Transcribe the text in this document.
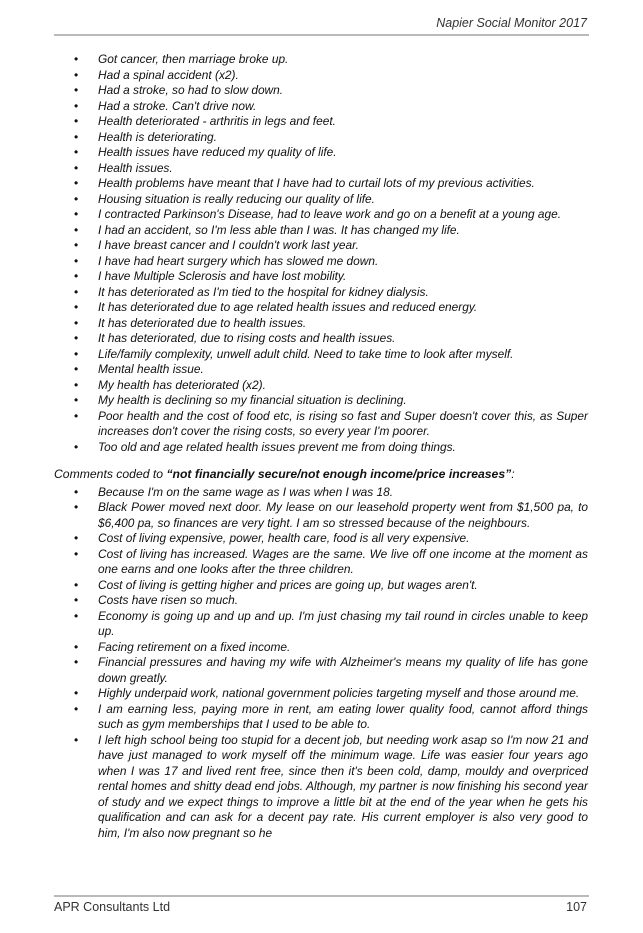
Napier Social Monitor 2017
• Got cancer, then marriage broke up.
• Had a spinal accident (x2).
• Had a stroke, so had to slow down.
• Had a stroke. Can't drive now.
• Health deteriorated - arthritis in legs and feet.
• Health is deteriorating.
• Health issues have reduced my quality of life.
• Health issues.
• Health problems have meant that I have had to curtail lots of my previous activities.
• Housing situation is really reducing our quality of life.
• I contracted Parkinson's Disease, had to leave work and go on a benefit at a young age.
• I had an accident, so I'm less able than I was. It has changed my life.
• I have breast cancer and I couldn't work last year.
• I have had heart surgery which has slowed me down.
• I have Multiple Sclerosis and have lost mobility.
• It has deteriorated as I'm tied to the hospital for kidney dialysis.
• It has deteriorated due to age related health issues and reduced energy.
• It has deteriorated due to health issues.
• It has deteriorated, due to rising costs and health issues.
• Life/family complexity, unwell adult child. Need to take time to look after myself.
• Mental health issue.
• My health has deteriorated (x2).
• My health is declining so my financial situation is declining.
• Poor health and the cost of food etc, is rising so fast and Super doesn't cover this, as Super increases don't cover the rising costs, so every year I'm poorer.
• Too old and age related health issues prevent me from doing things.
Comments coded to “not financially secure/not enough income/price increases”:
• Because I'm on the same wage as I was when I was 18.
• Black Power moved next door. My lease on our leasehold property went from $1,500 pa, to $6,400 pa, so finances are very tight. I am so stressed because of the neighbours.
• Cost of living expensive, power, health care, food is all very expensive.
• Cost of living has increased. Wages are the same. We live off one income at the moment as one earns and one looks after the three children.
• Cost of living is getting higher and prices are going up, but wages aren't.
• Costs have risen so much.
• Economy is going up and up and up. I'm just chasing my tail round in circles unable to keep up.
• Facing retirement on a fixed income.
• Financial pressures and having my wife with Alzheimer's means my quality of life has gone down greatly.
• Highly underpaid work, national government policies targeting myself and those around me.
• I am earning less, paying more in rent, am eating lower quality food, cannot afford things such as gym memberships that I used to be able to.
• I left high school being too stupid for a decent job, but needing work asap so I'm now 21 and have just managed to work myself off the minimum wage. Life was easier four years ago when I was 17 and lived rent free, since then it's been cold, damp, mouldy and overpriced rental homes and shitty dead end jobs. Although, my partner is now finishing his second year of study and we expect things to improve a little bit at the end of the year when he gets his qualification and can ask for a decent pay rate. His current employer is also very good to him, I'm also now pregnant so he
APR Consultants Ltd	107
